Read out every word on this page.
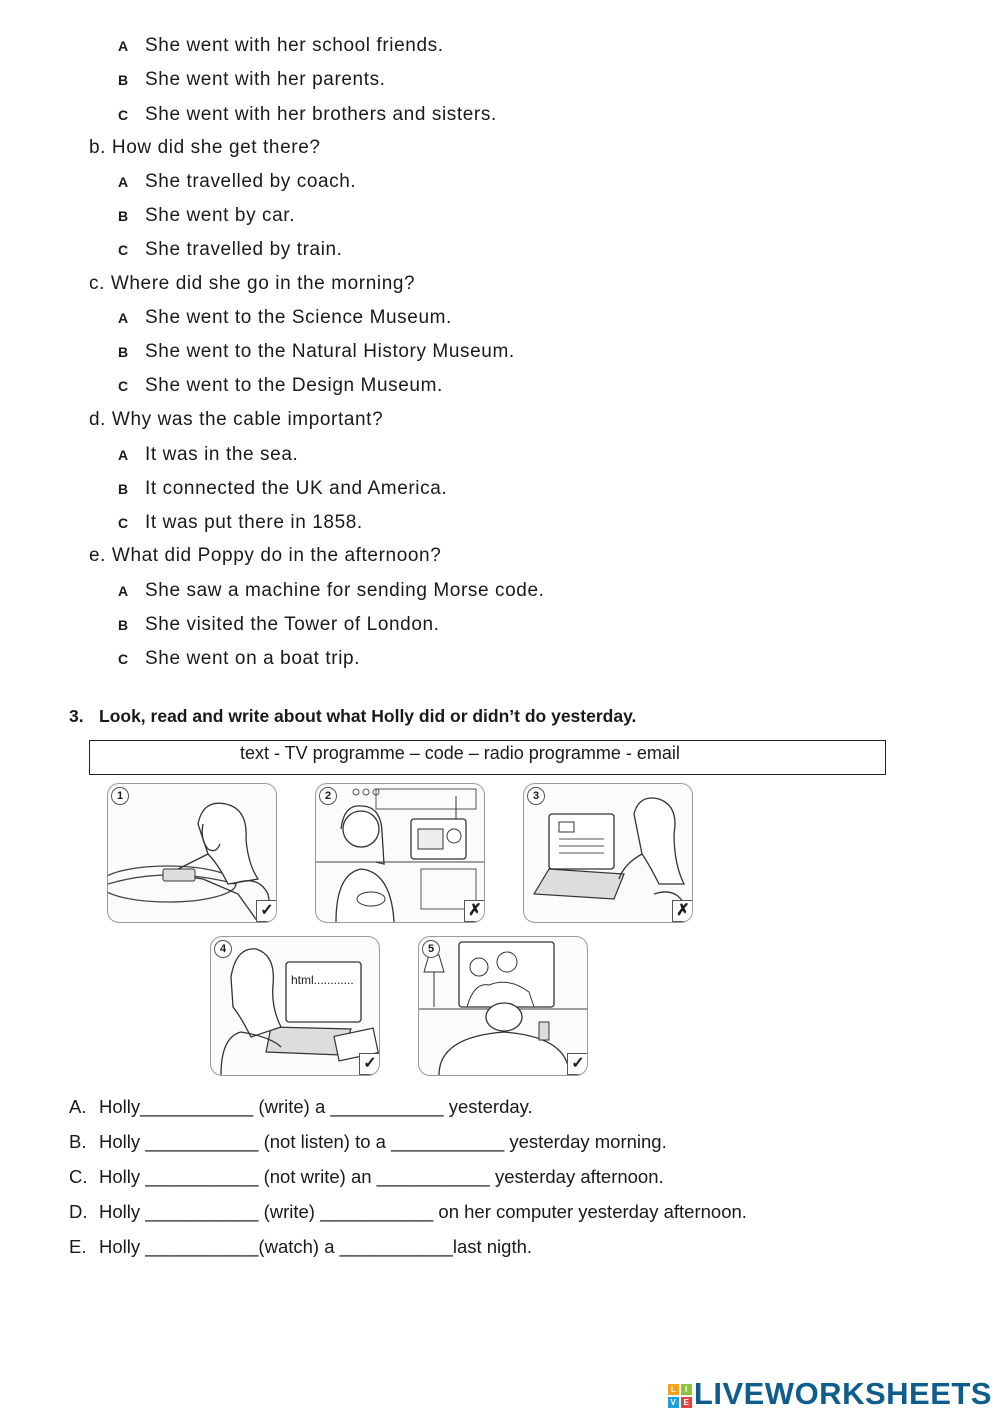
A She went with her school friends.
B She went with her parents.
C She went with her brothers and sisters.
b. How did she get there?
A She travelled by coach.
B She went by car.
C She travelled by train.
c. Where did she go in the morning?
A She went to the Science Museum.
B She went to the Natural History Museum.
C She went to the Design Museum.
d. Why was the cable important?
A It was in the sea.
B It connected the UK and America.
C It was put there in 1858.
e. What did Poppy do in the afternoon?
A She saw a machine for sending Morse code.
B She visited the Tower of London.
C She went on a boat trip.
3. Look, read and write about what Holly did or didn’t do yesterday.
text - TV programme – code – radio programme - email
1
✓
2
✗
3
✗
html............
4
✓
5
✓
A. Holly___________ (write) a ___________ yesterday.
B. Holly ___________ (not listen) to a ___________ yesterday morning.
C. Holly ___________ (not write) an ___________ yesterday afternoon.
D. Holly ___________ (write) ___________ on her computer yesterday afternoon.
E. Holly ___________(watch) a ___________last nigth.
L	I
V E LIVEWORKSHEETS
